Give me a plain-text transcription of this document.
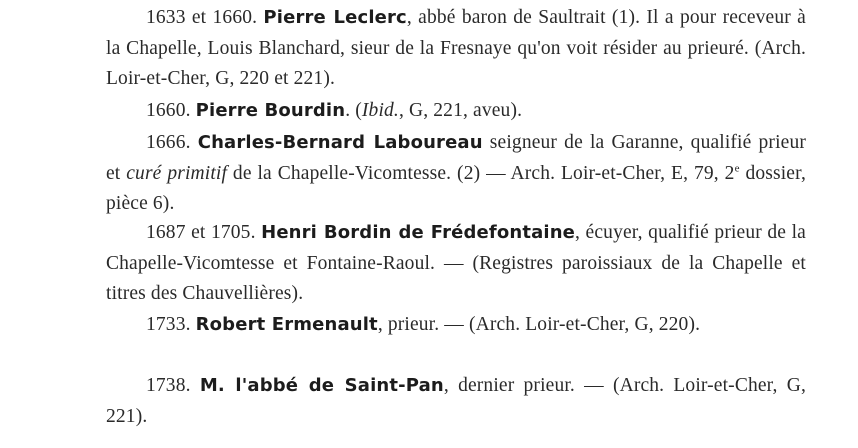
1633 et 1660. Pierre Leclerc, abbé baron de Saultrait (1). Il a pour receveur à la Chapelle, Louis Blanchard, sieur de la Fresnaye qu'on voit résider au prieuré. (Arch. Loir-et-Cher, G, 220 et 221).

1660. Pierre Bourdin. (Ibid., G, 221, aveu).

1666. Charles-Bernard Laboureau seigneur de la Garanne, qualifié prieur et curé primitif de la Chapelle-Vicomtesse. (2) — Arch. Loir-et-Cher, E, 79, 2e dossier, pièce 6).

1687 et 1705. Henri Bordin de Frédefontaine, écuyer, qualifié prieur de la Chapelle-Vicomtesse et Fontaine-Raoul. — (Registres paroissiaux de la Chapelle et titres des Chauvellières).

1733. Robert Ermenault, prieur. — (Arch. Loir-et-Cher, G, 220).

1738. M. l'abbé de Saint-Pan, dernier prieur. — (Arch. Loir-et-Cher, G, 221).
